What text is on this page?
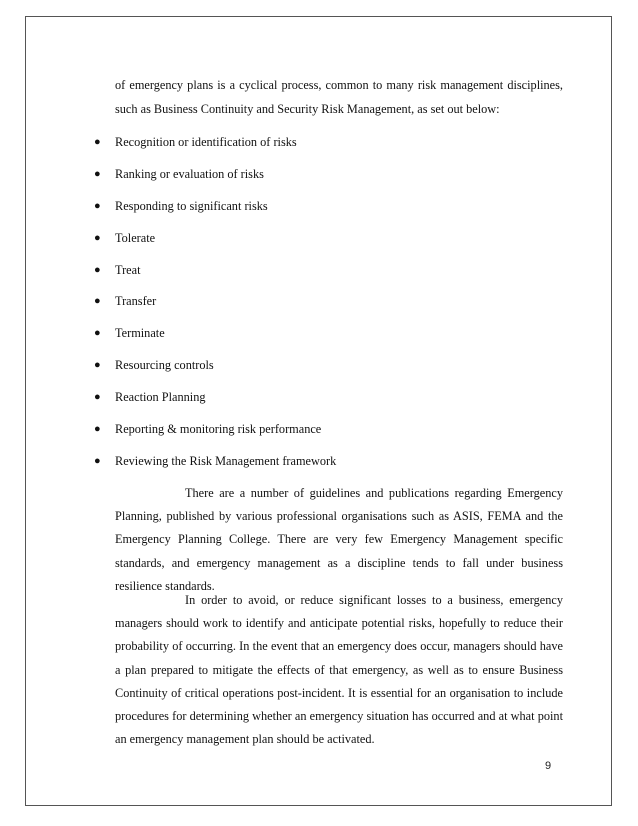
of emergency plans is a cyclical process, common to many risk management disciplines, such as Business Continuity and Security Risk Management, as set out below:
● Recognition or identification of risks
● Ranking or evaluation of risks
● Responding to significant risks
● Tolerate
● Treat
● Transfer
● Terminate
● Resourcing controls
● Reaction Planning
● Reporting & monitoring risk performance
● Reviewing the Risk Management framework

There are a number of guidelines and publications regarding Emergency Planning, published by various professional organisations such as ASIS, FEMA and the Emergency Planning College. There are very few Emergency Management specific standards, and emergency management as a discipline tends to fall under business resilience standards.

In order to avoid, or reduce significant losses to a business, emergency managers should work to identify and anticipate potential risks, hopefully to reduce their probability of occurring. In the event that an emergency does occur, managers should have a plan prepared to mitigate the effects of that emergency, as well as to ensure Business Continuity of critical operations post-incident. It is essential for an organisation to include procedures for determining whether an emergency situation has occurred and at what point an emergency management plan should be activated.

9
